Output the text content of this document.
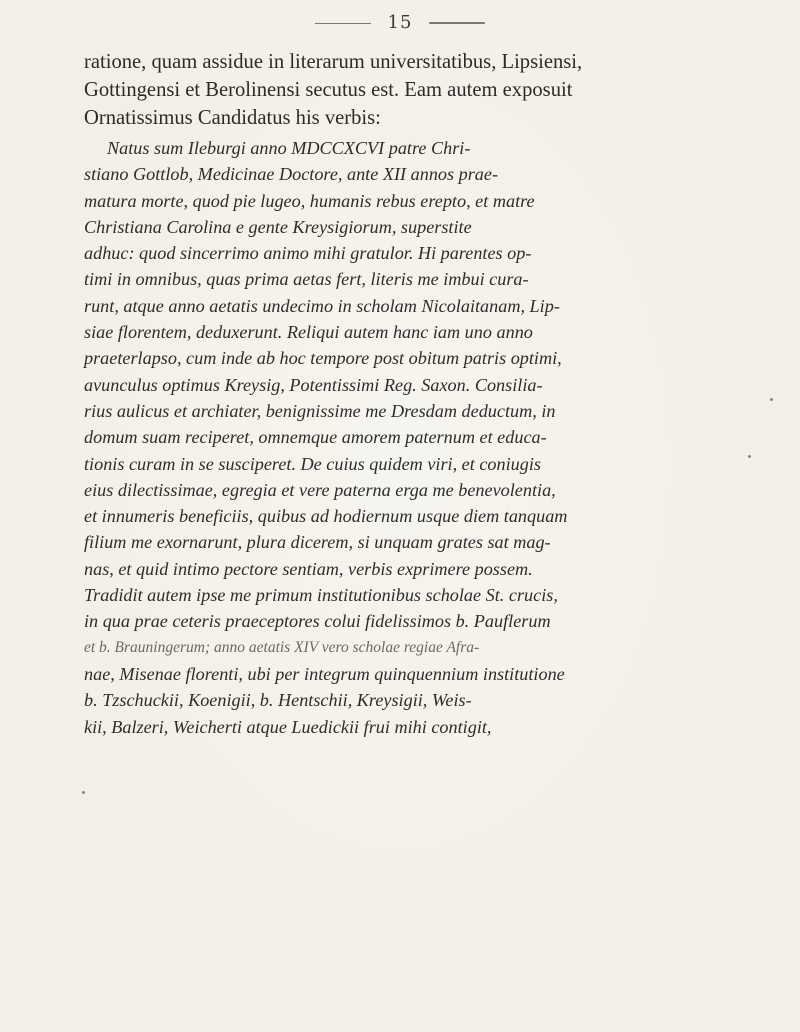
15
ratione, quam assidue in literarum universitatibus, Lipsiensi,
Gottingensi et Berolinensi secutus est. Eam autem exposuit
Ornatissimus Candidatus his verbis:
Natus sum Ileburgi anno MDCCXCVI patre Chri-
stiano Gottlob, Medicinae Doctore, ante XII annos prae-
matura morte, quod pie lugeo, humanis rebus erepto, et matre
Christiana Carolina e gente Kreysigiorum, superstite
adhuc: quod sincerrimo animo mihi gratulor. Hi parentes op-
timi in omnibus, quas prima aetas fert, literis me imbui cura-
runt, atque anno aetatis undecimo in scholam Nicolaitanam, Lip-
siae florentem, deduxerunt. Reliqui autem hanc iam uno anno
praeterlapso, cum inde ab hoc tempore post obitum patris optimi,
avunculus optimus Kreysig, Potentissimi Reg. Saxon. Consilia-
rius aulicus et archiater, benignissime me Dresdam deductum, in
domum suam reciperet, omnemque amorem paternum et educa-
tionis curam in se susciperet. De cuius quidem viri, et coniugis
eius dilectissimae, egregia et vere paterna erga me benevolentia,
et innumeris beneficiis, quibus ad hodiernum usque diem tanquam
filium me exornarunt, plura dicerem, si unquam grates sat mag-
nas, et quid intimo pectore sentiam, verbis exprimere possem.
Tradidit autem ipse me primum institutionibus scholae St. crucis,
in qua prae ceteris praeceptores colui fidelissimos b. Pauflerum
et b. Brauningerum; anno aetatis XIV vero scholae regiae Afra-
nae, Misenae florenti, ubi per integrum quinquennium institutione
b. Tzschuckii, Koenigii, b. Hentschii, Kreysigii, Weis-
kii, Balzeri, Weicherti atque Luedickii frui mihi contigit,
